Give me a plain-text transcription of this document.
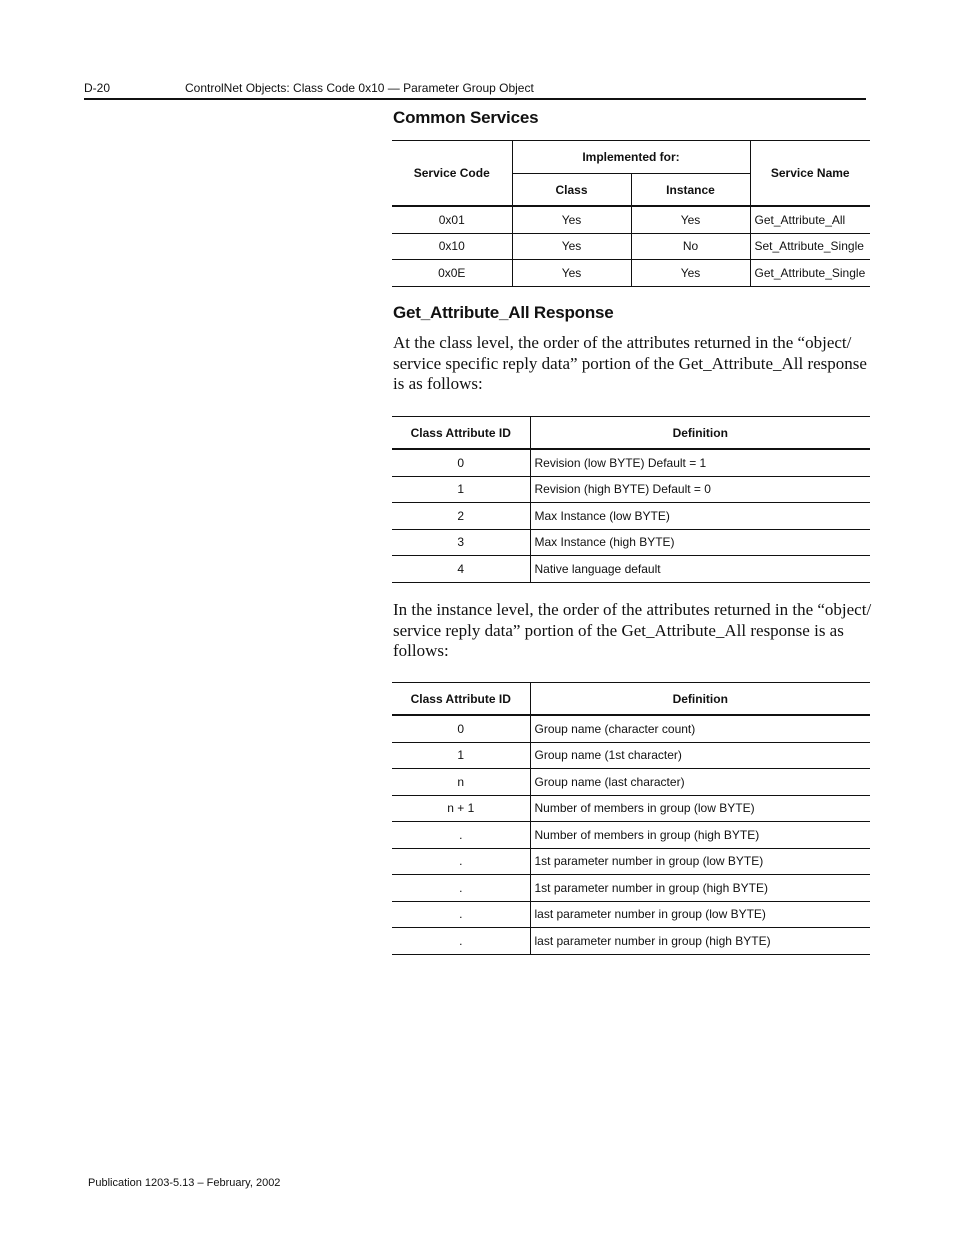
D-20	ControlNet Objects: Class Code 0x10 — Parameter Group Object
Common Services
Service Code	Implemented for:		Service Name
	Class	Instance	
0x01	Yes	Yes	Get_Attribute_All
0x10	Yes	No	Set_Attribute_Single
0x0E	Yes	Yes	Get_Attribute_Single
Get_Attribute_All Response
At the class level, the order of the attributes returned in the “object/ service specific reply data” portion of the Get_Attribute_All response is as follows:
Class Attribute ID	Definition
0	Revision (low BYTE) Default = 1
1	Revision (high BYTE) Default = 0
2	Max Instance (low BYTE)
3	Max Instance (high BYTE)
4	Native language default
In the instance level, the order of the attributes returned in the “object/ service reply data” portion of the Get_Attribute_All response is as follows:
Class Attribute ID	Definition
0	Group name (character count)
1	Group name (1st character)
n	Group name (last character)
n + 1	Number of members in group (low BYTE)
.	Number of members in group (high BYTE)
.	1st parameter number in group (low BYTE)
.	1st parameter number in group (high BYTE)
.	last parameter number in group (low BYTE)
.	last parameter number in group (high BYTE)
Publication 1203-5.13 – February, 2002
